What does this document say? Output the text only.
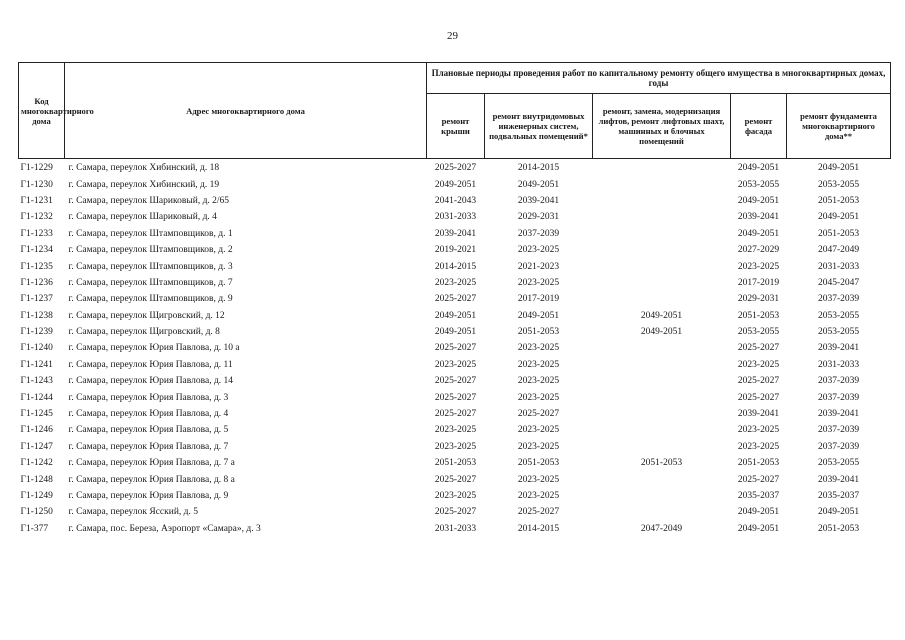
29
Код многоквартирного дома	Адрес многоквартирного дома	Плановые периоды проведения работ по капитальному ремонту общего имущества в многоквартирных домах, годы				
		ремонт крыши	ремонт внутридомовых инженерных систем, подвальных помещений*	ремонт, замена, модернизация лифтов, ремонт лифтовых шахт, машинных и блочных помещений	ремонт фасада	ремонт фундамента многоквартирного дома**
Г1-1229	г. Самара, переулок Хибинский, д. 18	2025-2027	2014-2015		2049-2051	2049-2051
Г1-1230	г. Самара, переулок Хибинский, д. 19	2049-2051	2049-2051		2053-2055	2053-2055
Г1-1231	г. Самара, переулок Шариковый, д. 2/65	2041-2043	2039-2041		2049-2051	2051-2053
Г1-1232	г. Самара, переулок Шариковый, д. 4	2031-2033	2029-2031		2039-2041	2049-2051
Г1-1233	г. Самара, переулок Штамповщиков, д. 1	2039-2041	2037-2039		2049-2051	2051-2053
Г1-1234	г. Самара, переулок Штамповщиков, д. 2	2019-2021	2023-2025		2027-2029	2047-2049
Г1-1235	г. Самара, переулок Штамповщиков, д. 3	2014-2015	2021-2023		2023-2025	2031-2033
Г1-1236	г. Самара, переулок Штамповщиков, д. 7	2023-2025	2023-2025		2017-2019	2045-2047
Г1-1237	г. Самара, переулок Штамповщиков, д. 9	2025-2027	2017-2019		2029-2031	2037-2039
Г1-1238	г. Самара, переулок Щигровский, д. 12	2049-2051	2049-2051	2049-2051	2051-2053	2053-2055
Г1-1239	г. Самара, переулок Щигровский, д. 8	2049-2051	2051-2053	2049-2051	2053-2055	2053-2055
Г1-1240	г. Самара, переулок Юрия Павлова, д. 10 а	2025-2027	2023-2025		2025-2027	2039-2041
Г1-1241	г. Самара, переулок Юрия Павлова, д. 11	2023-2025	2023-2025		2023-2025	2031-2033
Г1-1243	г. Самара, переулок Юрия Павлова, д. 14	2025-2027	2023-2025		2025-2027	2037-2039
Г1-1244	г. Самара, переулок Юрия Павлова, д. 3	2025-2027	2023-2025		2025-2027	2037-2039
Г1-1245	г. Самара, переулок Юрия Павлова, д. 4	2025-2027	2025-2027		2039-2041	2039-2041
Г1-1246	г. Самара, переулок Юрия Павлова, д. 5	2023-2025	2023-2025		2023-2025	2037-2039
Г1-1247	г. Самара, переулок Юрия Павлова, д. 7	2023-2025	2023-2025		2023-2025	2037-2039
Г1-1242	г. Самара, переулок Юрия Павлова, д. 7 а	2051-2053	2051-2053	2051-2053	2051-2053	2053-2055
Г1-1248	г. Самара, переулок Юрия Павлова, д. 8 а	2025-2027	2023-2025		2025-2027	2039-2041
Г1-1249	г. Самара, переулок Юрия Павлова, д. 9	2023-2025	2023-2025		2035-2037	2035-2037
Г1-1250	г. Самара, переулок Ясский, д. 5	2025-2027	2025-2027		2049-2051	2049-2051
Г1-377	г. Самара, пос. Береза, Аэропорт «Самара», д. 3	2031-2033	2014-2015	2047-2049	2049-2051	2051-2053
